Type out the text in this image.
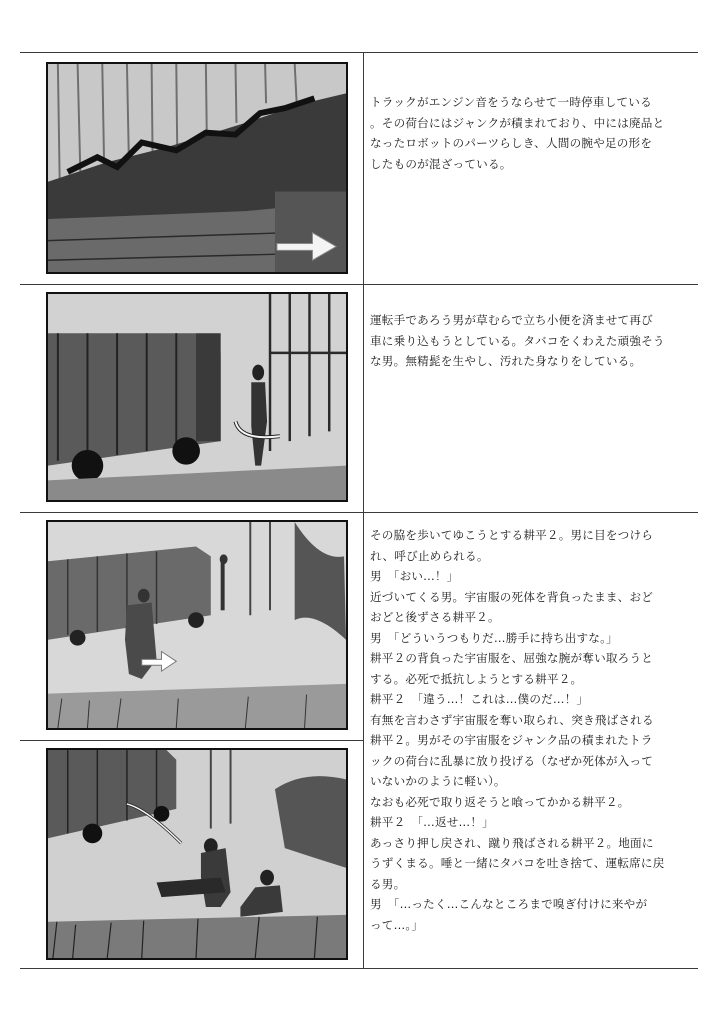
トラックがエンジン音をうならせて一時停車している
。その荷台にはジャンクが積まれており、中には廃品と
なったロボットのパーツらしき、人間の腕や足の形を
したものが混ざっている。
運転手であろう男が草むらで立ち小便を済ませて再び
車に乗り込もうとしている。タバコをくわえた頑強そう
な男。無精髭を生やし、汚れた身なりをしている。
その脇を歩いてゆこうとする耕平２。男に目をつけら
れ、呼び止められる。
男　「おい…！」
近づいてくる男。宇宙服の死体を背負ったまま、おど
おどと後ずさる耕平２。
男　「どういうつもりだ…勝手に持ち出すな。」
耕平２の背負った宇宙服を、屈強な腕が奪い取ろうと
する。必死で抵抗しようとする耕平２。
耕平２　「違う…！これは…僕のだ…！」
有無を言わさず宇宙服を奪い取られ、突き飛ばされる
耕平２。男がその宇宙服をジャンク品の積まれたトラ
ックの荷台に乱暴に放り投げる（なぜか死体が入って
いないかのように軽い）。
なおも必死で取り返そうと喰ってかかる耕平２。
耕平２　「…返せ…！」
あっさり押し戻され、蹴り飛ばされる耕平２。地面に
うずくまる。唾と一緒にタバコを吐き捨て、運転席に戻
る男。
男　「…ったく…こんなところまで嗅ぎ付けに来やが
って…。」
